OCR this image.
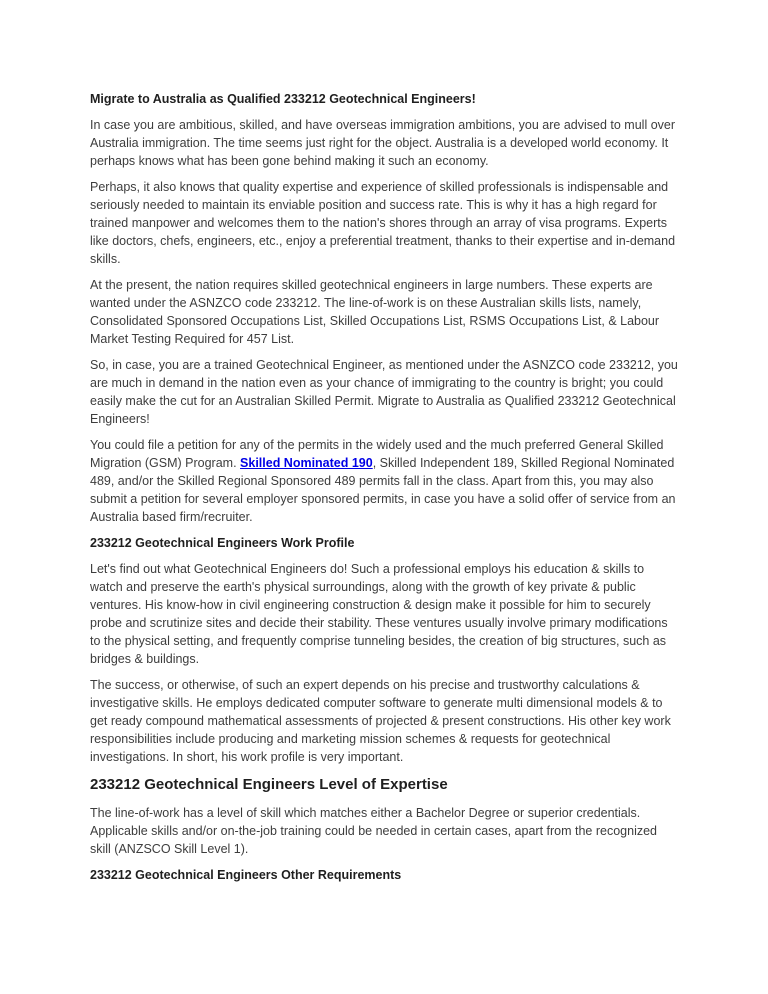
Migrate to Australia as Qualified 233212 Geotechnical Engineers!

In case you are ambitious, skilled, and have overseas immigration ambitions, you are advised to mull over Australia immigration. The time seems just right for the object. Australia is a developed world economy. It perhaps knows what has been gone behind making it such an economy.

Perhaps, it also knows that quality expertise and experience of skilled professionals is indispensable and seriously needed to maintain its enviable position and success rate. This is why it has a high regard for trained manpower and welcomes them to the nation's shores through an array of visa programs. Experts like doctors, chefs, engineers, etc., enjoy a preferential treatment, thanks to their expertise and in-demand skills.

At the present, the nation requires skilled geotechnical engineers in large numbers. These experts are wanted under the ASNZCO code 233212. The line-of-work is on these Australian skills lists, namely, Consolidated Sponsored Occupations List, Skilled Occupations List, RSMS Occupations List, & Labour Market Testing Required for 457 List.

So, in case, you are a trained Geotechnical Engineer, as mentioned under the ASNZCO code 233212, you are much in demand in the nation even as your chance of immigrating to the country is bright; you could easily make the cut for an Australian Skilled Permit. Migrate to Australia as Qualified 233212 Geotechnical Engineers!

You could file a petition for any of the permits in the widely used and the much preferred General Skilled Migration (GSM) Program. Skilled Nominated 190, Skilled Independent 189, Skilled Regional Nominated 489, and/or the Skilled Regional Sponsored 489 permits fall in the class. Apart from this, you may also submit a petition for several employer sponsored permits, in case you have a solid offer of service from an Australia based firm/recruiter.

233212 Geotechnical Engineers Work Profile

Let's find out what Geotechnical Engineers do! Such a professional employs his education & skills to watch and preserve the earth's physical surroundings, along with the growth of key private & public ventures. His know-how in civil engineering construction & design make it possible for him to securely probe and scrutinize sites and decide their stability. These ventures usually involve primary modifications to the physical setting, and frequently comprise tunneling besides, the creation of big structures, such as bridges & buildings.

The success, or otherwise, of such an expert depends on his precise and trustworthy calculations & investigative skills. He employs dedicated computer software to generate multi dimensional models & to get ready compound mathematical assessments of projected & present constructions. His other key work responsibilities include producing and marketing mission schemes & requests for geotechnical investigations. In short, his work profile is very important.

233212 Geotechnical Engineers Level of Expertise

The line-of-work has a level of skill which matches either a Bachelor Degree or superior credentials. Applicable skills and/or on-the-job training could be needed in certain cases, apart from the recognized skill (ANZSCO Skill Level 1).

233212 Geotechnical Engineers Other Requirements
